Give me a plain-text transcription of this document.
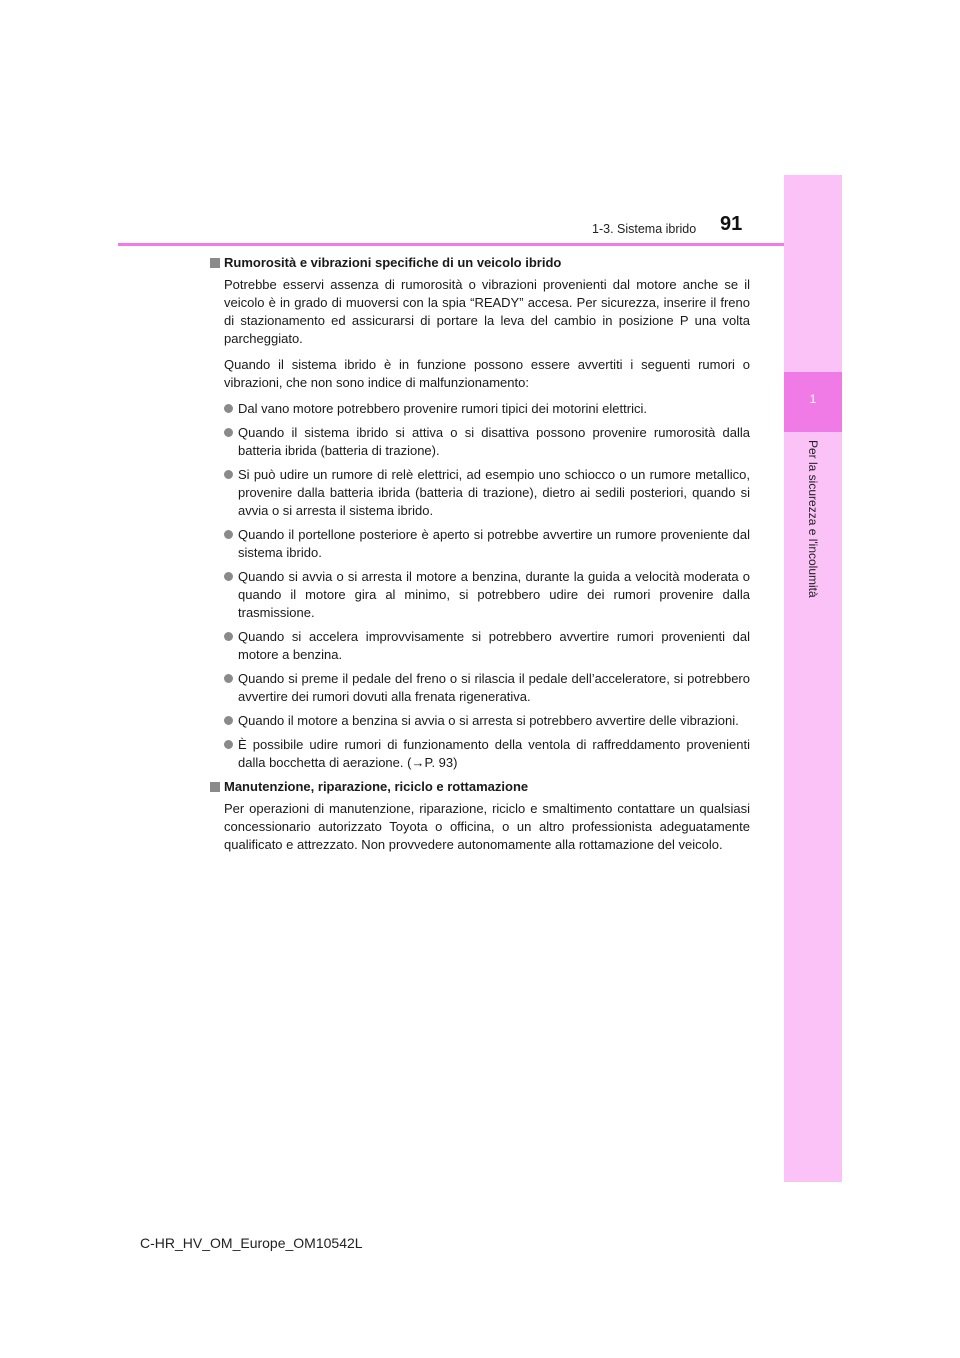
1
Per la sicurezza e l'incolumità
1-3. Sistema ibrido 91
Rumorosità e vibrazioni specifiche di un veicolo ibrido

Potrebbe esservi assenza di rumorosità o vibrazioni provenienti dal motore anche se il veicolo è in grado di muoversi con la spia “READY” accesa. Per sicurezza, inserire il freno di stazionamento ed assicurarsi di portare la leva del cambio in posizione P una volta parcheggiato.

Quando il sistema ibrido è in funzione possono essere avvertiti i seguenti rumori o vibrazioni, che non sono indice di malfunzionamento:

Dal vano motore potrebbero provenire rumori tipici dei motorini elettrici.
Quando il sistema ibrido si attiva o si disattiva possono provenire rumorosità dalla batteria ibrida (batteria di trazione).
Si può udire un rumore di relè elettrici, ad esempio uno schiocco o un rumore metallico, provenire dalla batteria ibrida (batteria di trazione), dietro ai sedili posteriori, quando si avvia o si arresta il sistema ibrido.
Quando il portellone posteriore è aperto si potrebbe avvertire un rumore proveniente dal sistema ibrido.
Quando si avvia o si arresta il motore a benzina, durante la guida a velocità moderata o quando il motore gira al minimo, si potrebbero udire dei rumori provenire dalla trasmissione.
Quando si accelera improvvisamente si potrebbero avvertire rumori provenienti dal motore a benzina.
Quando si preme il pedale del freno o si rilascia il pedale dell’acceleratore, si potrebbero avvertire dei rumori dovuti alla frenata rigenerativa.
Quando il motore a benzina si avvia o si arresta si potrebbero avvertire delle vibrazioni.
È possibile udire rumori di funzionamento della ventola di raffreddamento provenienti dalla bocchetta di aerazione. (→P. 93)
Manutenzione, riparazione, riciclo e rottamazione

Per operazioni di manutenzione, riparazione, riciclo e smaltimento contattare un qualsiasi concessionario autorizzato Toyota o officina, o un altro professionista adeguatamente qualificato e attrezzato. Non provvedere autonomamente alla rottamazione del veicolo.

C-HR_HV_OM_Europe_OM10542L
